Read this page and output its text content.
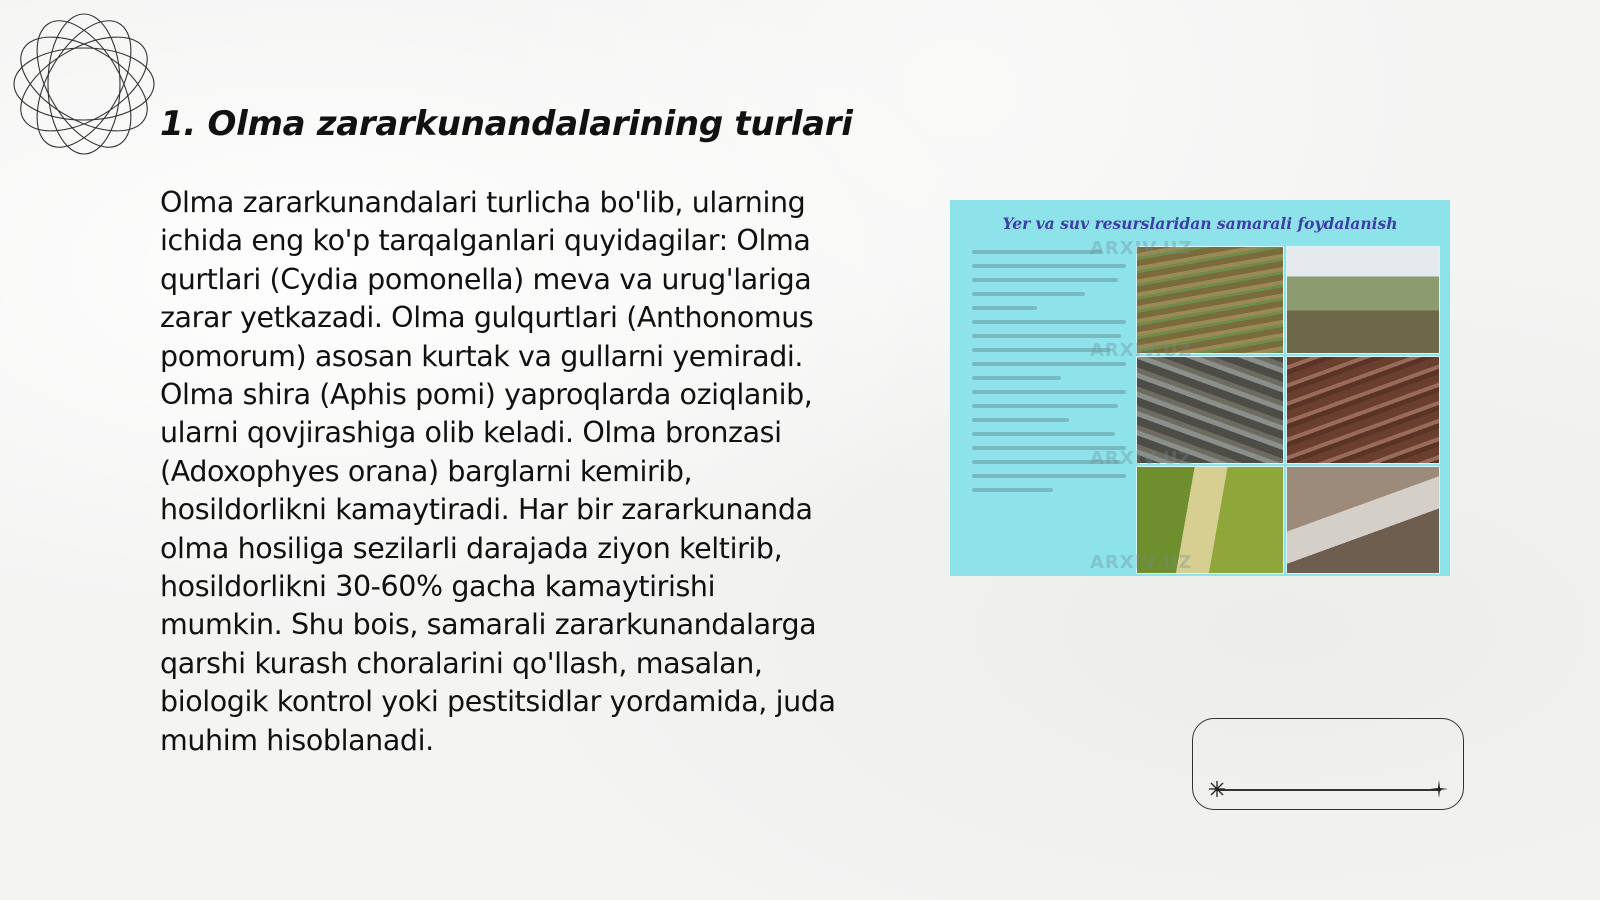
1. Olma zararkunandalarining turlari

Olma zararkunandalari turlicha bo'lib, ularning ichida eng ko'p tarqalganlari quyidagilar: Olma qurtlari (Cydia pomonella) meva va urug'lariga zarar yetkazadi. Olma gulqurtlari (Anthonomus pomorum) asosan kurtak va gullarni yemiradi. Olma shira (Aphis pomi) yaproqlarda oziqlanib, ularni qovjirashiga olib keladi. Olma bronzasi (Adoxophyes orana) barglarni kemirib, hosildorlikni kamaytiradi. Har bir zararkunanda olma hosiliga sezilarli darajada ziyon keltirib, hosildorlikni 30-60% gacha kamaytirishi mumkin. Shu bois, samarali zararkunandalarga qarshi kurash choralarini qo'llash, masalan, biologik kontrol yoki pestitsidlar yordamida, juda muhim hisoblanadi.

Yer va suv resurslaridan samarali foydalanish
ARXIV.UZ
ARXIV.UZ
ARXIV.UZ
ARXIV.UZ
